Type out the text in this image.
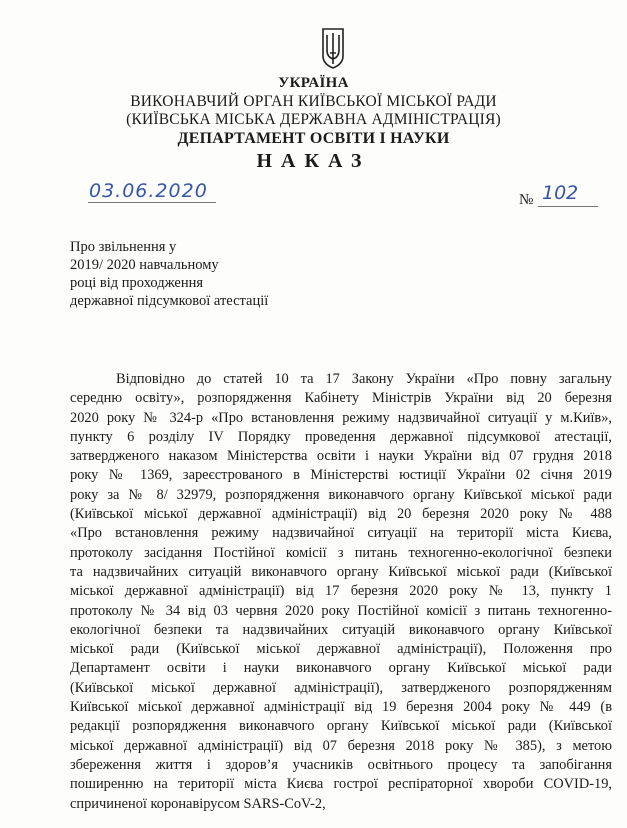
УКРАЇНА
ВИКОНАВЧИЙ ОРГАН КИЇВСЬКОЇ МІСЬКОЇ РАДИ
(КИЇВСЬКА МІСЬКА ДЕРЖАВНА АДМІНІСТРАЦІЯ)
ДЕПАРТАМЕНТ ОСВІТИ І НАУКИ
НАКАЗ
03.06.2020	№ 102
Про звільнення у
2019/ 2020 навчальному
році від проходження
державної підсумкової атестації
Відповідно до статей 10 та 17 Закону України «Про повну загальну
середню освіту», розпорядження Кабінету Міністрів України від 20 березня
2020 року № 324-р «Про встановлення режиму надзвичайної ситуації у м.Київ»,
пункту 6 розділу IV Порядку проведення державної підсумкової атестації,
затвердженого наказом Міністерства освіти і науки України від 07 грудня 2018
року № 1369, зареєстрованого в Міністерстві юстиції України 02 січня 2019
року за № 8/ 32979, розпорядження виконавчого органу Київської міської ради
(Київської міської державної адміністрації) від 20 березня 2020 року № 488
«Про встановлення режиму надзвичайної ситуації на території міста Києва,
протоколу засідання Постійної комісії з питань техногенно-екологічної безпеки
та надзвичайних ситуацій виконавчого органу Київської міської ради (Київської
міської державної адміністрації) від 17 березня 2020 року № 13, пункту 1
протоколу № 34 від 03 червня 2020 року Постійної комісії з питань техногенно-
екологічної безпеки та надзвичайних ситуацій виконавчого органу Київської
міської ради (Київської міської державної адміністрації), Положення про
Департамент освіти і науки виконавчого органу Київської міської ради
(Київської міської державної адміністрації), затвердженого розпорядженням
Київської міської державної адміністрації від 19 березня 2004 року № 449 (в
редакції розпорядження виконавчого органу Київської міської ради (Київської
міської державної адміністрації) від 07 березня 2018 року № 385), з метою
збереження життя і здоров’я учасників освітнього процесу та запобігання
поширенню на території міста Києва гострої респіраторної хвороби COVID-19,
спричиненої коронавірусом SARS-CoV-2,
